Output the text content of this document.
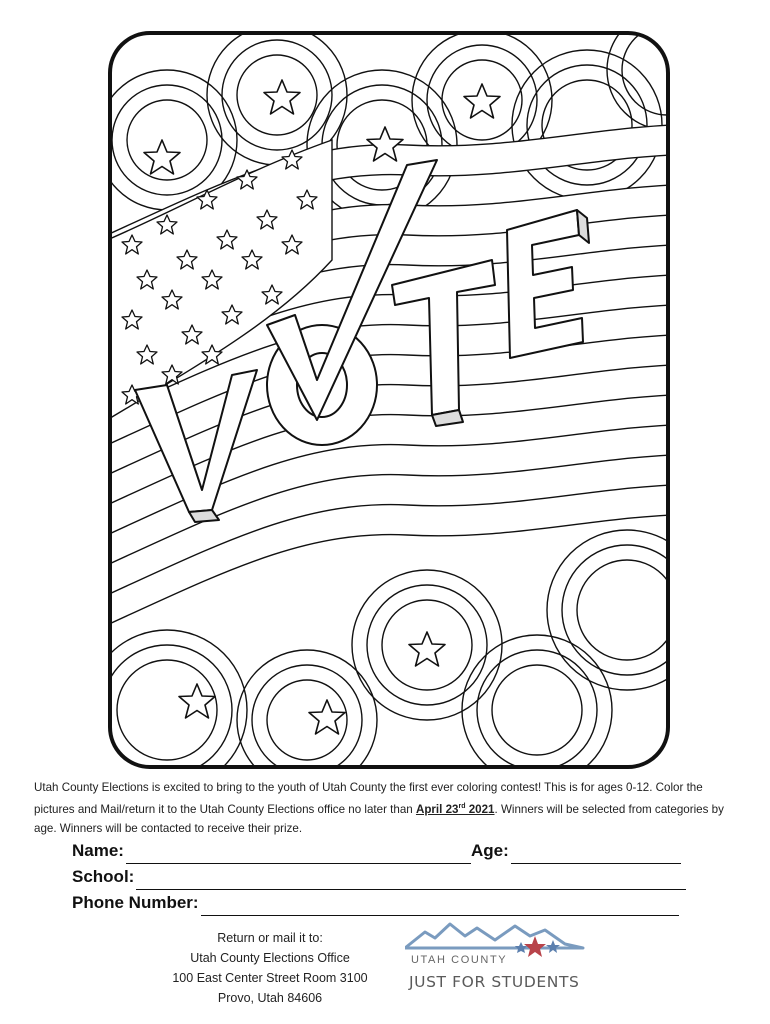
Utah County Elections is excited to bring to the youth of Utah County the first ever coloring contest! This is for ages 0-12. Color the pictures and Mail/return it to the Utah County Elections office no later than April 23rd 2021. Winners will be selected from categories by age. Winners will be contacted to receive their prize.
Name:	Age:
School:
Phone Number:
Return or mail it to:
Utah County Elections Office
100 East Center Street Room 3100
Provo, Utah 84606
UTAH COUNTY
JUST FOR STUDENTS
